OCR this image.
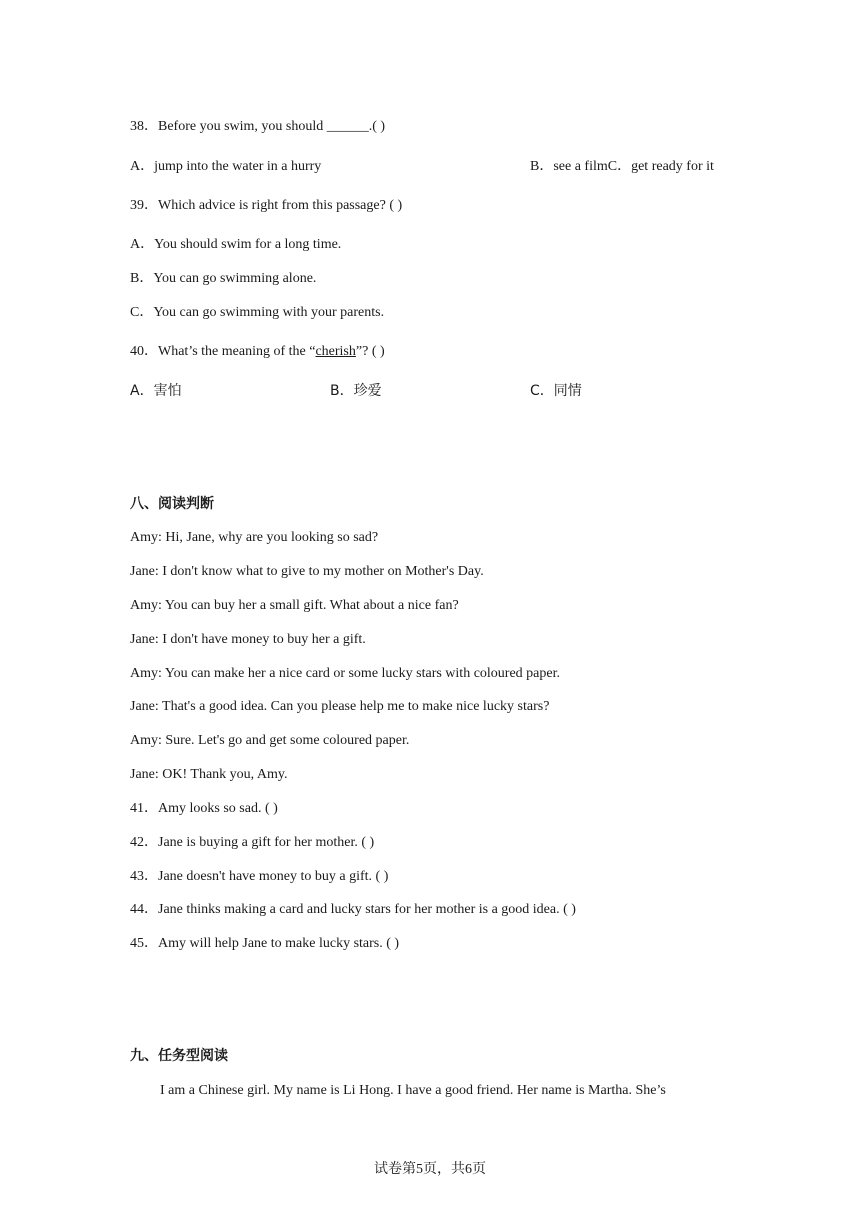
38．Before you swim, you should ______.( )
A．jump into the water in a hurry	B．see a filmC．get ready for it
39．Which advice is right from this passage? ( )
A．You should swim for a long time.
B．You can go swimming alone.
C．You can go swimming with your parents.
40．What’s the meaning of the “cherish”? ( )
A．害怕	B．珍爱	C．同情
八、阅读判断
Amy: Hi, Jane, why are you looking so sad?
Jane: I don't know what to give to my mother on Mother's Day.
Amy: You can buy her a small gift. What about a nice fan?
Jane: I don't have money to buy her a gift.
Amy: You can make her a nice card or some lucky stars with coloured paper.
Jane: That's a good idea. Can you please help me to make nice lucky stars?
Amy: Sure. Let's go and get some coloured paper.
Jane: OK! Thank you, Amy.
41．Amy looks so sad. ( )
42．Jane is buying a gift for her mother. ( )
43．Jane doesn't have money to buy a gift. ( )
44．Jane thinks making a card and lucky stars for her mother is a good idea. ( )
45．Amy will help Jane to make lucky stars. ( )
九、任务型阅读
I am a Chinese girl. My name is Li Hong. I have a good friend. Her name is Martha. She’s
试卷第5页，共6页
